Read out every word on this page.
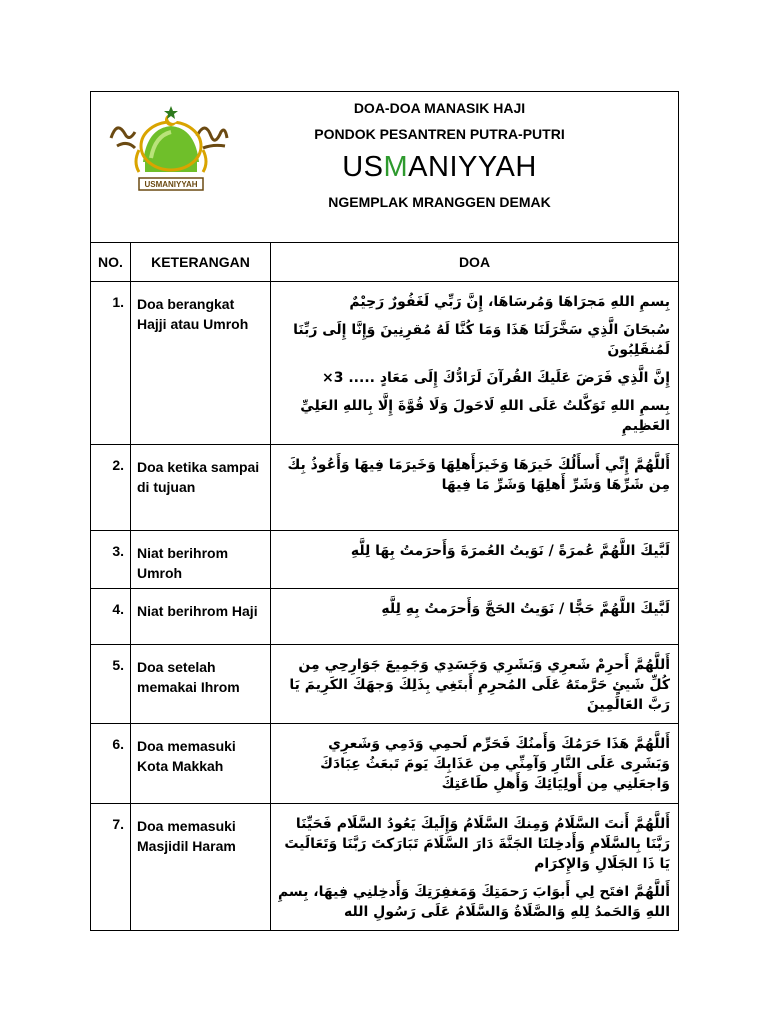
USMANIYYAH

DOA-DOA MANASIK HAJI

PONDOK PESANTREN PUTRA-PUTRI

USMANIYYAH

NGEMPLAK MRANGGEN DEMAK		

NO.	KETERANGAN	DOA
1.	Doa berangkat Hajji atau Umroh	بِسمِ اللهِ مَجرَاهَا وَمُرسَاهَا، إِنَّ رَبِّي لَغَفُورٌ رَحِيْمٌ

سُبحَانَ الَّذِي سَخَّرَلَنَا هَذَا وَمَا كُنَّا لَهُ مُقرِنِينَ وَإِنَّا إِلَى رَبِّنَا لَمُنقَلِبُونَ

إِنَّ الَّذِي فَرَضَ عَلَيكَ القُرآنَ لَرَادُّكَ إِلَى مَعَادٍ ..... 3×

بِسمِ اللهِ تَوَكَّلتُ عَلَى اللهِ لَاحَولَ وَلَا قُوَّةَ إِلَّا بِاللهِ العَلِيِّ العَظِيمِ

2.	Doa ketika sampai di tujuan	أَللَّهُمَّ إِنِّي أَسأَلُكَ خَيرَهَا وَخَيرَأَهلِهَا وَخَيرَمَا فِيهَا وَأَعُوذُ بِكَ مِن شَرِّهَا وَشَرِّ أَهلِهَا وَشَرِّ مَا فِيهَا

3.	Niat berihrom Umroh	لَبَّيكَ اللَّهُمَّ عُمرَةً / نَوَيتُ العُمرَةَ وَأَحرَمتُ بِهَا لِلَّهِ

4.	Niat berihrom Haji	لَبَّيكَ اللَّهُمَّ حَجًّا / نَوَيتُ الحَجَّ وَأَحرَمتُ بِهِ لِلَّهِ

5.	Doa setelah memakai Ihrom	أَللَّهُمَّ أَحرِمْ شَعرِي وَبَشَرِي وَجَسَدِي وَجَمِيعَ جَوَارِحِي مِن كُلِّ شَيئٍ حَرَّمتَهُ عَلَى المُحرِمِ أَبتَغِي بِذَلِكَ وَجهَكَ الكَرِيمَ يَا رَبَّ العَالَمِينَ

6.	Doa memasuki Kota Makkah	أَللَّهُمَّ هَذَا حَرَمُكَ وَأَمنُكَ فَحَرِّم لَحمِي وَدَمِي وَشَعرِي وَبَشَرِى عَلَى النَّارِ وَآمِنِّي مِن عَذَابِكَ يَومَ تَبعَثُ عِبَادَكَ وَاجعَلنِي مِن أَولِيَائِكَ وَأَهلِ طَاعَتِكَ

7.	Doa memasuki Masjidil Haram	أَللَّهُمَّ أَنتَ السَّلَامُ وَمِنكَ السَّلَامُ وَإِلَيكَ يَعُودُ السَّلَام فَحَيِّنَا رَبَّنَا بِالسَّلَامِ وَأَدخِلنَا الجَنَّةَ دَارَ السَّلَامَ تَبَارَكتَ رَبَّنَا وَتَعَالَيتَ يَا ذَا الجَلَالِ وَالإِكرَام

أَللَّهُمَّ افتَح لِي أَبوَابَ رَحمَتِكَ وَمَغفِرَتِكَ وَأَدخِلنِي فِيهَا، بِسمِ اللهِ وَالحَمدُ لِلهِ وَالصَّلَاةُ وَالسَّلَامُ عَلَى رَسُولِ الله
